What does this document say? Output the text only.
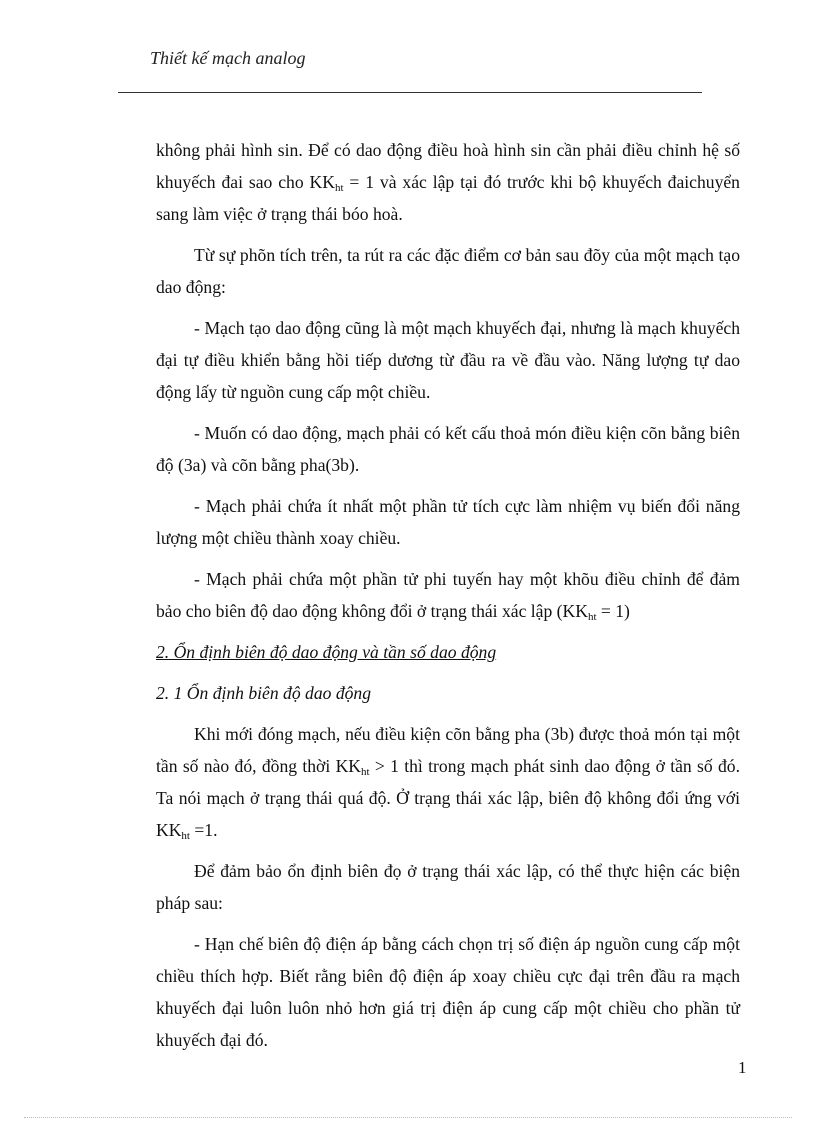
Thiết kế mạch analog

không phải hình sin. Để có dao động điều hoà hình sin cần phải điều chỉnh hệ số khuyếch đai sao cho $KK_{ht} = 1$ và xác lập tại đó trước khi bộ khuyếch đaichuyển sang làm việc ở trạng thái bóo hoà.

Từ sự phõn tích trên, ta rút ra các đặc điểm cơ bản sau đõy của một mạch tạo dao động:

- Mạch tạo dao động cũng là một mạch khuyếch đại, nhưng là mạch khuyếch đại tự điều khiển bằng hồi tiếp dương từ đầu ra về đầu vào. Năng lượng tự dao động lấy từ nguồn cung cấp một chiều.

- Muốn có dao động, mạch phải có kết cấu thoả món điều kiện cõn bằng biên độ (3a) và cõn bằng pha(3b).

- Mạch phải chứa ít nhất một phần tử tích cực làm nhiệm vụ biến đổi năng lượng một chiều thành xoay chiều.

- Mạch phải chứa một phần tử phi tuyến hay một khõu điều chỉnh để đảm bảo cho biên độ dao động không đổi ở trạng thái xác lập $(KK_{ht} = 1)$

2. Ổn định biên độ dao động và tần số dao động

2. 1 Ổn định biên độ dao động

Khi mới đóng mạch, nếu điều kiện cõn bằng pha (3b) được thoả món tại một tần số nào đó, đồng thời $KK_{ht} > 1$ thì trong mạch phát sinh dao động ở tần số đó. Ta nói mạch ở trạng thái quá độ. Ở trạng thái xác lập, biên độ không đổi ứng với $KK_{ht} =1$.

Để đảm bảo ổn định biên đọ ở trạng thái xác lập, có thể thực hiện các biện pháp sau:

- Hạn chế biên độ điện áp bằng cách chọn trị số điện áp nguồn cung cấp một chiều thích hợp. Biết rằng biên độ điện áp xoay chiều cực đại trên đầu ra mạch khuyếch đại luôn luôn nhỏ hơn giá trị điện áp cung cấp một chiều cho phần tử khuyếch đại đó.

1
